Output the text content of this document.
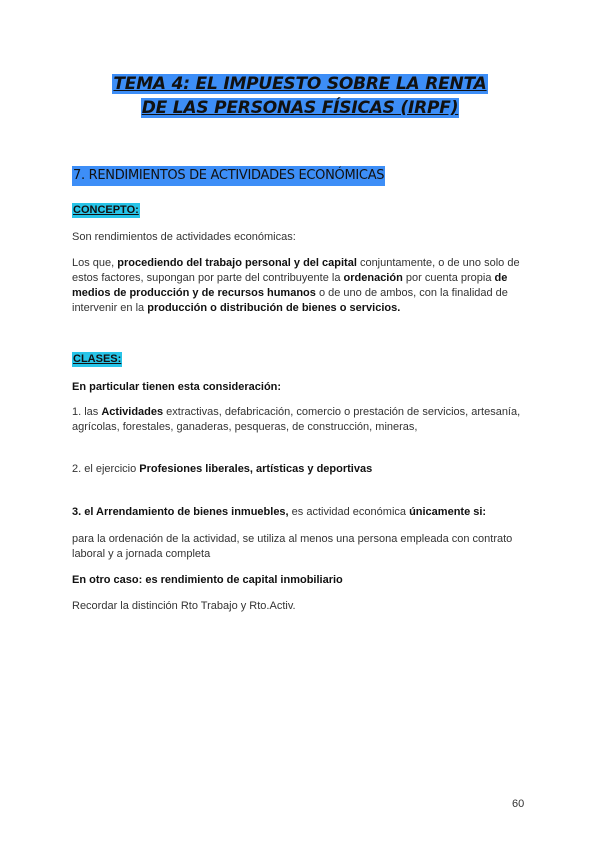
TEMA 4: EL IMPUESTO SOBRE LA RENTA
DE LAS PERSONAS FÍSICAS (IRPF)
7. RENDIMIENTOS DE ACTIVIDADES ECONÓMICAS
CONCEPTO:
Son rendimientos de actividades económicas:
Los que, procediendo del trabajo personal y del capital conjuntamente, o de uno solo de estos factores, supongan por parte del contribuyente la ordenación por cuenta propia de medios de producción y de recursos humanos o de uno de ambos, con la finalidad de intervenir en la producción o distribución de bienes o servicios.
CLASES:
En particular tienen esta consideración:
1. las Actividades extractivas, defabricación, comercio o prestación de servicios, artesanía, agrícolas, forestales, ganaderas, pesqueras, de construcción, mineras,
2. el ejercicio Profesiones liberales, artísticas y deportivas
3. el Arrendamiento de bienes inmuebles, es actividad económica únicamente si:
para la ordenación de la actividad, se utiliza al menos una persona empleada con contrato laboral y a jornada completa
En otro caso: es rendimiento de capital inmobiliario
Recordar la distinción Rto Trabajo y Rto.Activ.
60
